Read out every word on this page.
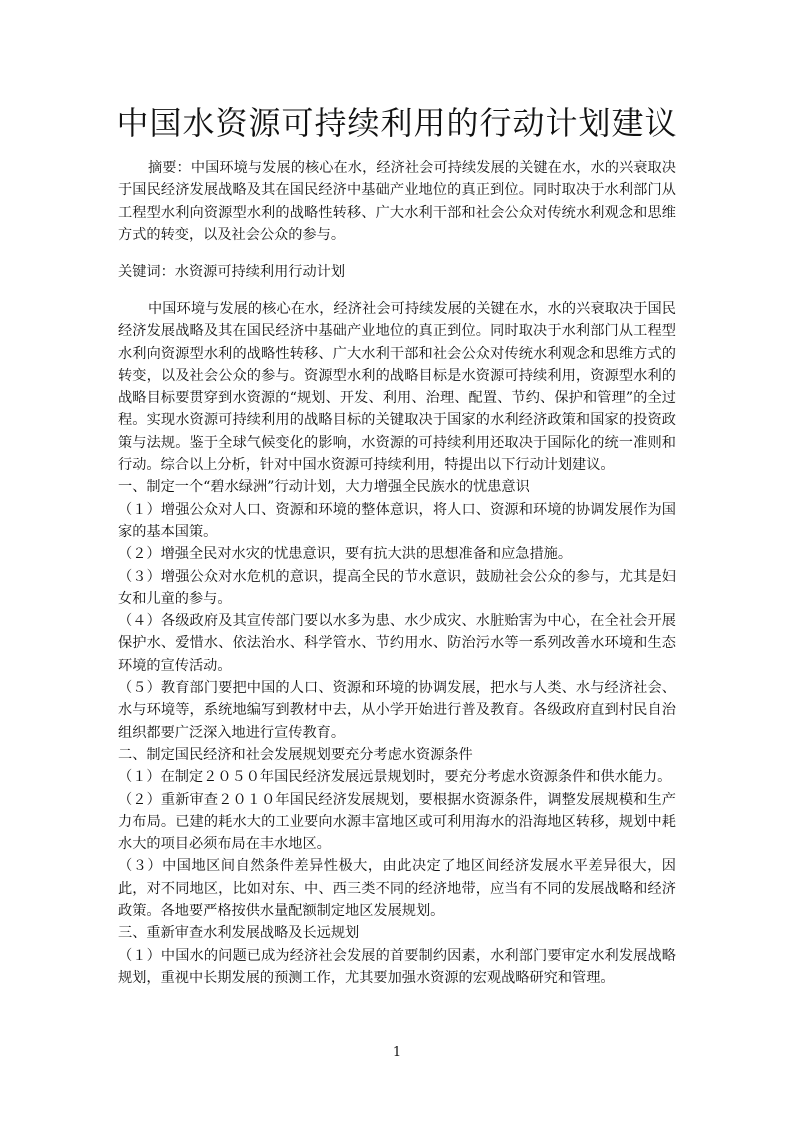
中国水资源可持续利用的行动计划建议

摘要：中国环境与发展的核心在水，经济社会可持续发展的关键在水，水的兴衰取决于国民经济发展战略及其在国民经济中基础产业地位的真正到位。同时取决于水利部门从工程型水利向资源型水利的战略性转移、广大水利干部和社会公众对传统水利观念和思维方式的转变，以及社会公众的参与。

关键词：水资源可持续利用行动计划

中国环境与发展的核心在水，经济社会可持续发展的关键在水，水的兴衰取决于国民经济发展战略及其在国民经济中基础产业地位的真正到位。同时取决于水利部门从工程型水利向资源型水利的战略性转移、广大水利干部和社会公众对传统水利观念和思维方式的转变，以及社会公众的参与。资源型水利的战略目标是水资源可持续利用，资源型水利的战略目标要贯穿到水资源的“规划、开发、利用、治理、配置、节约、保护和管理”的全过程。实现水资源可持续利用的战略目标的关键取决于国家的水利经济政策和国家的投资政策与法规。鉴于全球气候变化的影响，水资源的可持续利用还取决于国际化的统一准则和行动。综合以上分析，针对中国水资源可持续利用，特提出以下行动计划建议。

一、制定一个“碧水绿洲”行动计划，大力增强全民族水的忧患意识

（１）增强公众对人口、资源和环境的整体意识，将人口、资源和环境的协调发展作为国家的基本国策。

（２）增强全民对水灾的忧患意识，要有抗大洪的思想准备和应急措施。

（３）增强公众对水危机的意识，提高全民的节水意识，鼓励社会公众的参与，尤其是妇女和儿童的参与。

（４）各级政府及其宣传部门要以水多为患、水少成灾、水脏贻害为中心，在全社会开展保护水、爱惜水、依法治水、科学管水、节约用水、防治污水等一系列改善水环境和生态环境的宣传活动。

（５）教育部门要把中国的人口、资源和环境的协调发展，把水与人类、水与经济社会、水与环境等，系统地编写到教材中去，从小学开始进行普及教育。各级政府直到村民自治组织都要广泛深入地进行宣传教育。

二、制定国民经济和社会发展规划要充分考虑水资源条件

（１）在制定２０５０年国民经济发展远景规划时，要充分考虑水资源条件和供水能力。

（２）重新审查２０１０年国民经济发展规划，要根据水资源条件，调整发展规模和生产力布局。已建的耗水大的工业要向水源丰富地区或可利用海水的沿海地区转移，规划中耗水大的项目必须布局在丰水地区。

（３）中国地区间自然条件差异性极大，由此决定了地区间经济发展水平差异很大，因此，对不同地区，比如对东、中、西三类不同的经济地带，应当有不同的发展战略和经济政策。各地要严格按供水量配额制定地区发展规划。

三、重新审查水利发展战略及长远规划

（１）中国水的问题已成为经济社会发展的首要制约因素，水利部门要审定水利发展战略规划，重视中长期发展的预测工作，尤其要加强水资源的宏观战略研究和管理。

1
